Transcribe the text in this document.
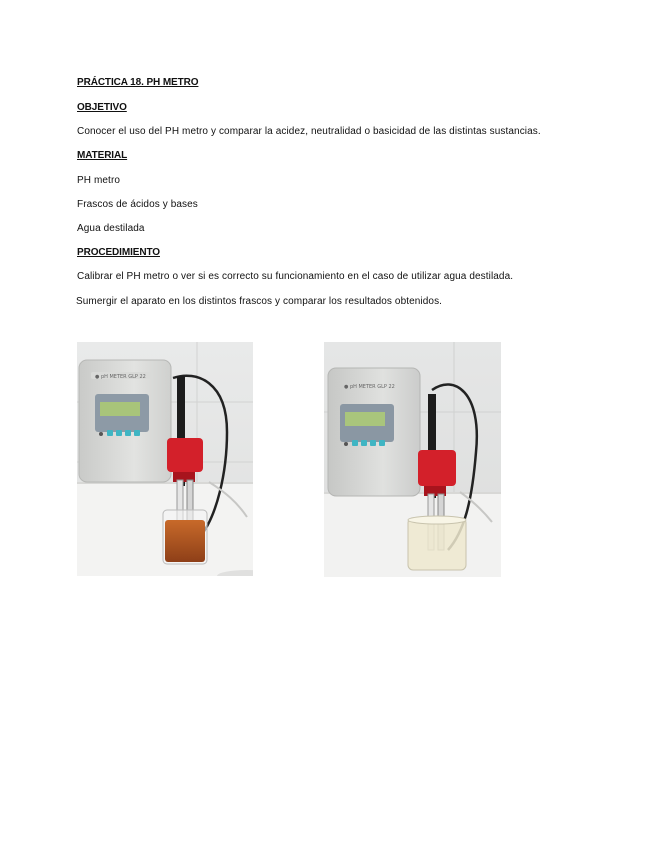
PRÁCTICA 18. PH METRO

OBJETIVO

Conocer el uso del PH metro y comparar la acidez, neutralidad o basicidad de las distintas sustancias.

MATERIAL

PH metro

Frascos de ácidos y bases

Agua destilada

PROCEDIMIENTO

Calibrar el PH metro o ver si es correcto su funcionamiento en el caso de utilizar agua destilada.

Sumergir el aparato en los distintos frascos y comparar los resultados obtenidos.

● pH METER GLP 22
● pH METER GLP 22
